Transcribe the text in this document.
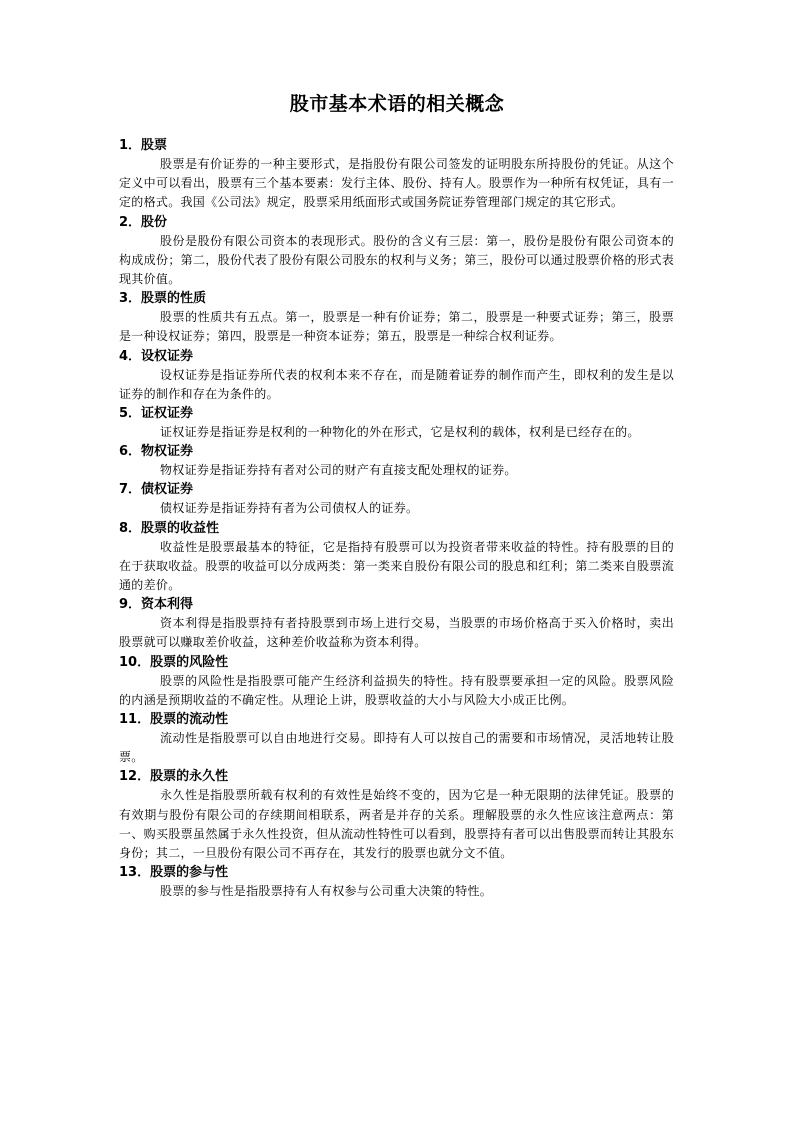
股市基本术语的相关概念

1．股票

股票是有价证券的一种主要形式，是指股份有限公司签发的证明股东所持股份的凭证。从这个定义中可以看出，股票有三个基本要素：发行主体、股份、持有人。股票作为一种所有权凭证，具有一定的格式。我国《公司法》规定，股票采用纸面形式或国务院证券管理部门规定的其它形式。

2．股份

股份是股份有限公司资本的表现形式。股份的含义有三层：第一，股份是股份有限公司资本的构成成份；第二，股份代表了股份有限公司股东的权利与义务；第三，股份可以通过股票价格的形式表现其价值。

3．股票的性质

股票的性质共有五点。第一，股票是一种有价证券；第二，股票是一种要式证券；第三，股票是一种设权证券；第四，股票是一种资本证券；第五，股票是一种综合权利证券。

4．设权证券

设权证券是指证券所代表的权利本来不存在，而是随着证券的制作而产生，即权利的发生是以证券的制作和存在为条件的。

5．证权证券

证权证券是指证券是权利的一种物化的外在形式，它是权利的载体，权利是已经存在的。

6．物权证券

物权证券是指证券持有者对公司的财产有直接支配处理权的证券。

7．债权证券

债权证券是指证券持有者为公司债权人的证券。

8．股票的收益性

收益性是股票最基本的特征，它是指持有股票可以为投资者带来收益的特性。持有股票的目的在于获取收益。股票的收益可以分成两类：第一类来自股份有限公司的股息和红利；第二类来自股票流通的差价。

9．资本利得

资本利得是指股票持有者持股票到市场上进行交易，当股票的市场价格高于买入价格时，卖出股票就可以赚取差价收益，这种差价收益称为资本利得。

10．股票的风险性

股票的风险性是指股票可能产生经济利益损失的特性。持有股票要承担一定的风险。股票风险的内涵是预期收益的不确定性。从理论上讲，股票收益的大小与风险大小成正比例。

11．股票的流动性

流动性是指股票可以自由地进行交易。即持有人可以按自己的需要和市场情况，灵活地转让股票。

12．股票的永久性

永久性是指股票所载有权利的有效性是始终不变的，因为它是一种无限期的法律凭证。股票的有效期与股份有限公司的存续期间相联系，两者是并存的关系。理解股票的永久性应该注意两点：第一、购买股票虽然属于永久性投资，但从流动性特性可以看到，股票持有者可以出售股票而转让其股东身份；其二，一旦股份有限公司不再存在，其发行的股票也就分文不值。

13．股票的参与性

股票的参与性是指股票持有人有权参与公司重大决策的特性。
